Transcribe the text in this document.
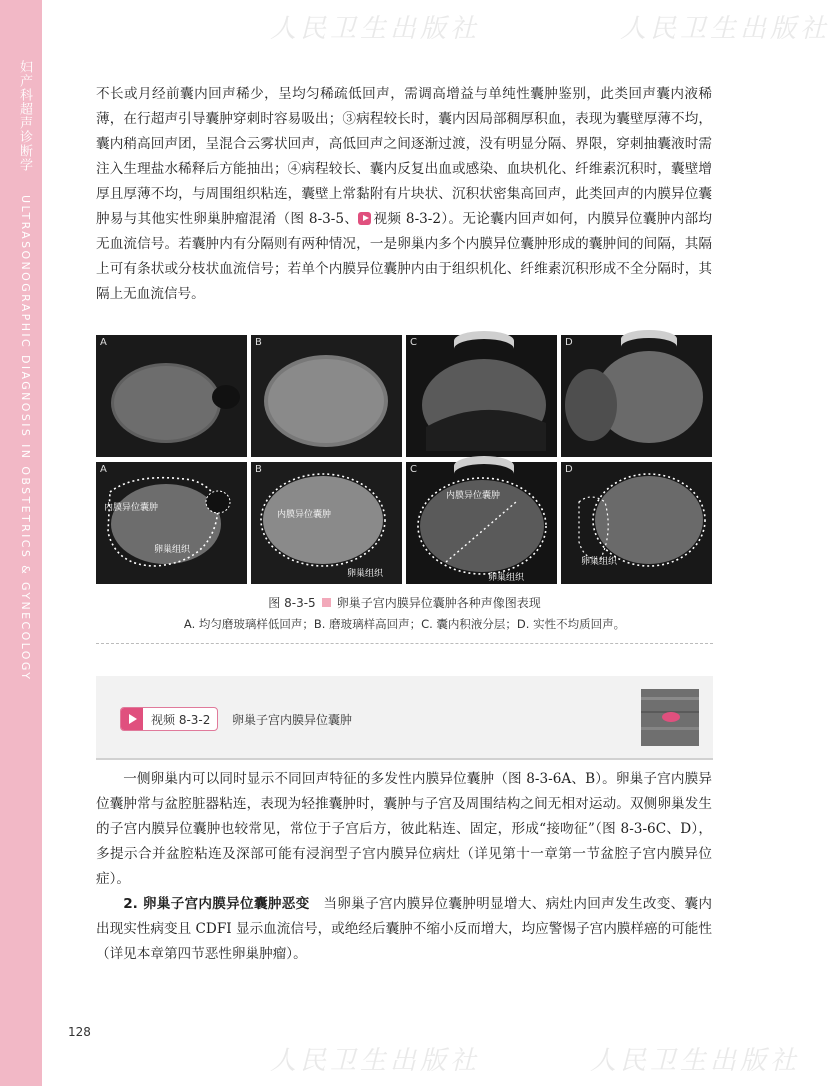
妇产科超声诊断学
ULTRASONOGRAPHIC DIAGNOSIS IN OBSTETRICS & GYNECOLOGY
人民卫生出版社	人民卫生出版社
人民卫生出版社	人民卫生出版社

不长或月经前囊内回声稀少，呈均匀稀疏低回声，需调高增益与单纯性囊肿鉴别，此类回声囊内液稀薄，在行超声引导囊肿穿刺时容易吸出；③病程较长时，囊内因局部稠厚积血，表现为囊壁厚薄不均，囊内稍高回声团，呈混合云雾状回声，高低回声之间逐渐过渡，没有明显分隔、界限，穿刺抽囊液时需注入生理盐水稀释后方能抽出；④病程较长、囊内反复出血或感染、血块机化、纤维素沉积时，囊壁增厚且厚薄不均，与周围组织粘连，囊壁上常黏附有片块状、沉积状密集高回声，此类回声的内膜异位囊肿易与其他实性卵巢肿瘤混淆（图 8-3-5、 视频 8-3-2）。无论囊内回声如何，内膜异位囊肿内部均无血流信号。若囊肿内有分隔则有两种情况，一是卵巢内多个内膜异位囊肿形成的囊肿间的间隔，其隔上可有条状或分枝状血流信号；若单个内膜异位囊肿内由于组织机化、纤维素沉积形成不全分隔时，其隔上无血流信号。

A	B	C	D
内膜异位囊肿
卵巢组织
A
内膜异位囊肿
卵巢组织
B
内膜异位囊肿
卵巢组织
C
卵巢组织
D
图 8-3-5 卵巢子宫内膜异位囊肿各种声像图表现
A. 均匀磨玻璃样低回声；B. 磨玻璃样高回声；C. 囊内积液分层；D. 实性不均质回声。
视频 8-3-2 卵巢子宫内膜异位囊肿

一侧卵巢内可以同时显示不同回声特征的多发性内膜异位囊肿（图 8-3-6A、B）。卵巢子宫内膜异位囊肿常与盆腔脏器粘连，表现为轻推囊肿时，囊肿与子宫及周围结构之间无相对运动。双侧卵巢发生的子宫内膜异位囊肿也较常见，常位于子宫后方，彼此粘连、固定，形成“接吻征”（图 8-3-6C、D），多提示合并盆腔粘连及深部可能有浸润型子宫内膜异位病灶（详见第十一章第一节盆腔子宫内膜异位症）。

2. 卵巢子宫内膜异位囊肿恶变　 当卵巢子宫内膜异位囊肿明显增大、病灶内回声发生改变、囊内出现实性病变且 CDFI 显示血流信号，或绝经后囊肿不缩小反而增大，均应警惕子宫内膜样癌的可能性（详见本章第四节恶性卵巢肿瘤）。

128
